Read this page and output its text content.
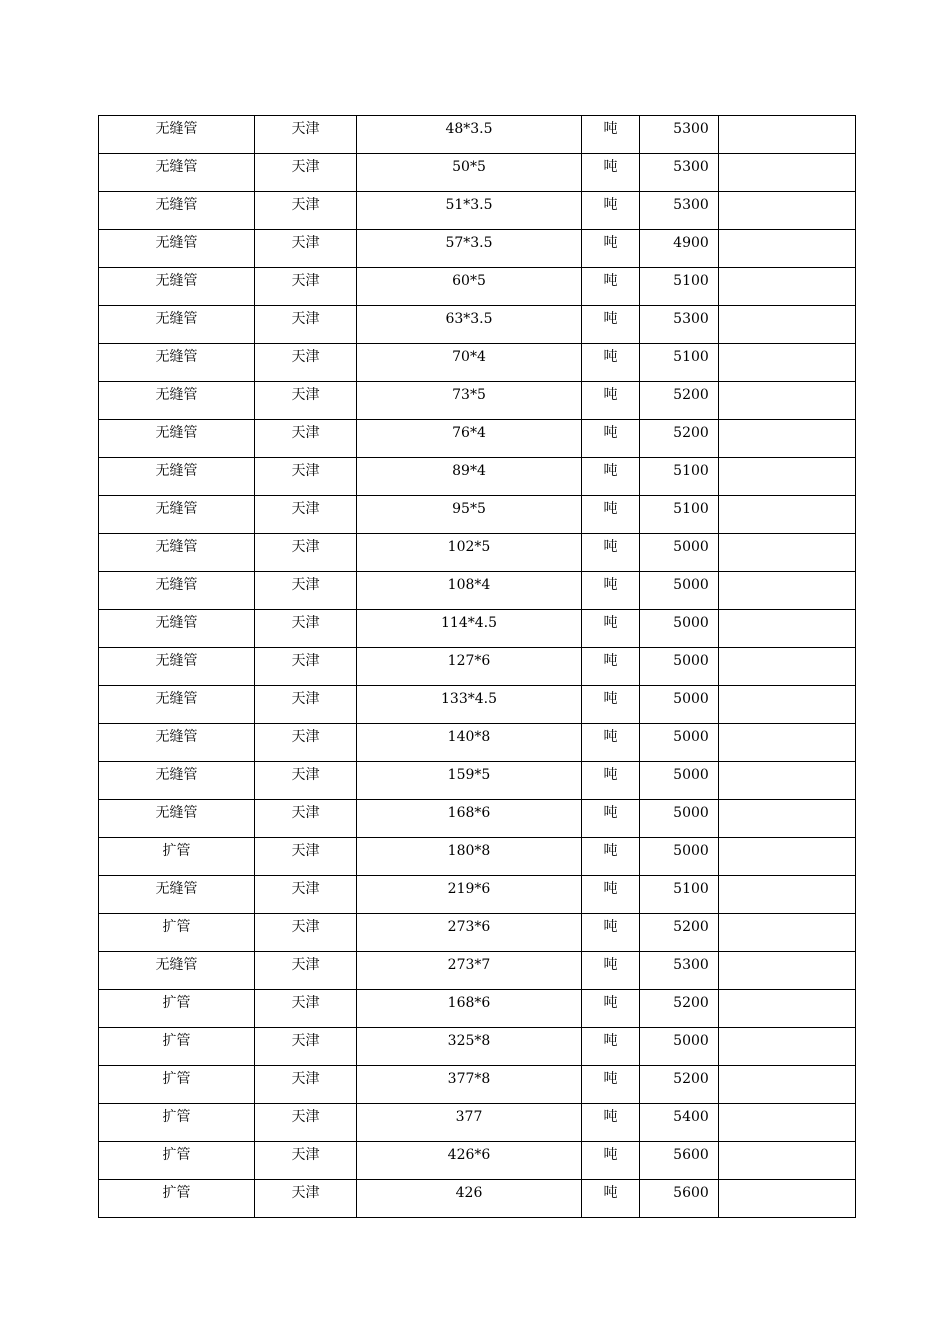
无缝管	天津	48*3.5	吨	5300	

无缝管	天津	50*5	吨	5300	

无缝管	天津	51*3.5	吨	5300	

无缝管	天津	57*3.5	吨	4900	

无缝管	天津	60*5	吨	5100	

无缝管	天津	63*3.5	吨	5300	

无缝管	天津	70*4	吨	5100	

无缝管	天津	73*5	吨	5200	

无缝管	天津	76*4	吨	5200	

无缝管	天津	89*4	吨	5100	

无缝管	天津	95*5	吨	5100	

无缝管	天津	102*5	吨	5000	

无缝管	天津	108*4	吨	5000	

无缝管	天津	114*4.5	吨	5000	

无缝管	天津	127*6	吨	5000	

无缝管	天津	133*4.5	吨	5000	

无缝管	天津	140*8	吨	5000	

无缝管	天津	159*5	吨	5000	

无缝管	天津	168*6	吨	5000	

扩管	天津	180*8	吨	5000	

无缝管	天津	219*6	吨	5100	

扩管	天津	273*6	吨	5200	

无缝管	天津	273*7	吨	5300	

扩管	天津	168*6	吨	5200	

扩管	天津	325*8	吨	5000	

扩管	天津	377*8	吨	5200	

扩管	天津	377	吨	5400	

扩管	天津	426*6	吨	5600	

扩管	天津	426	吨	5600	
